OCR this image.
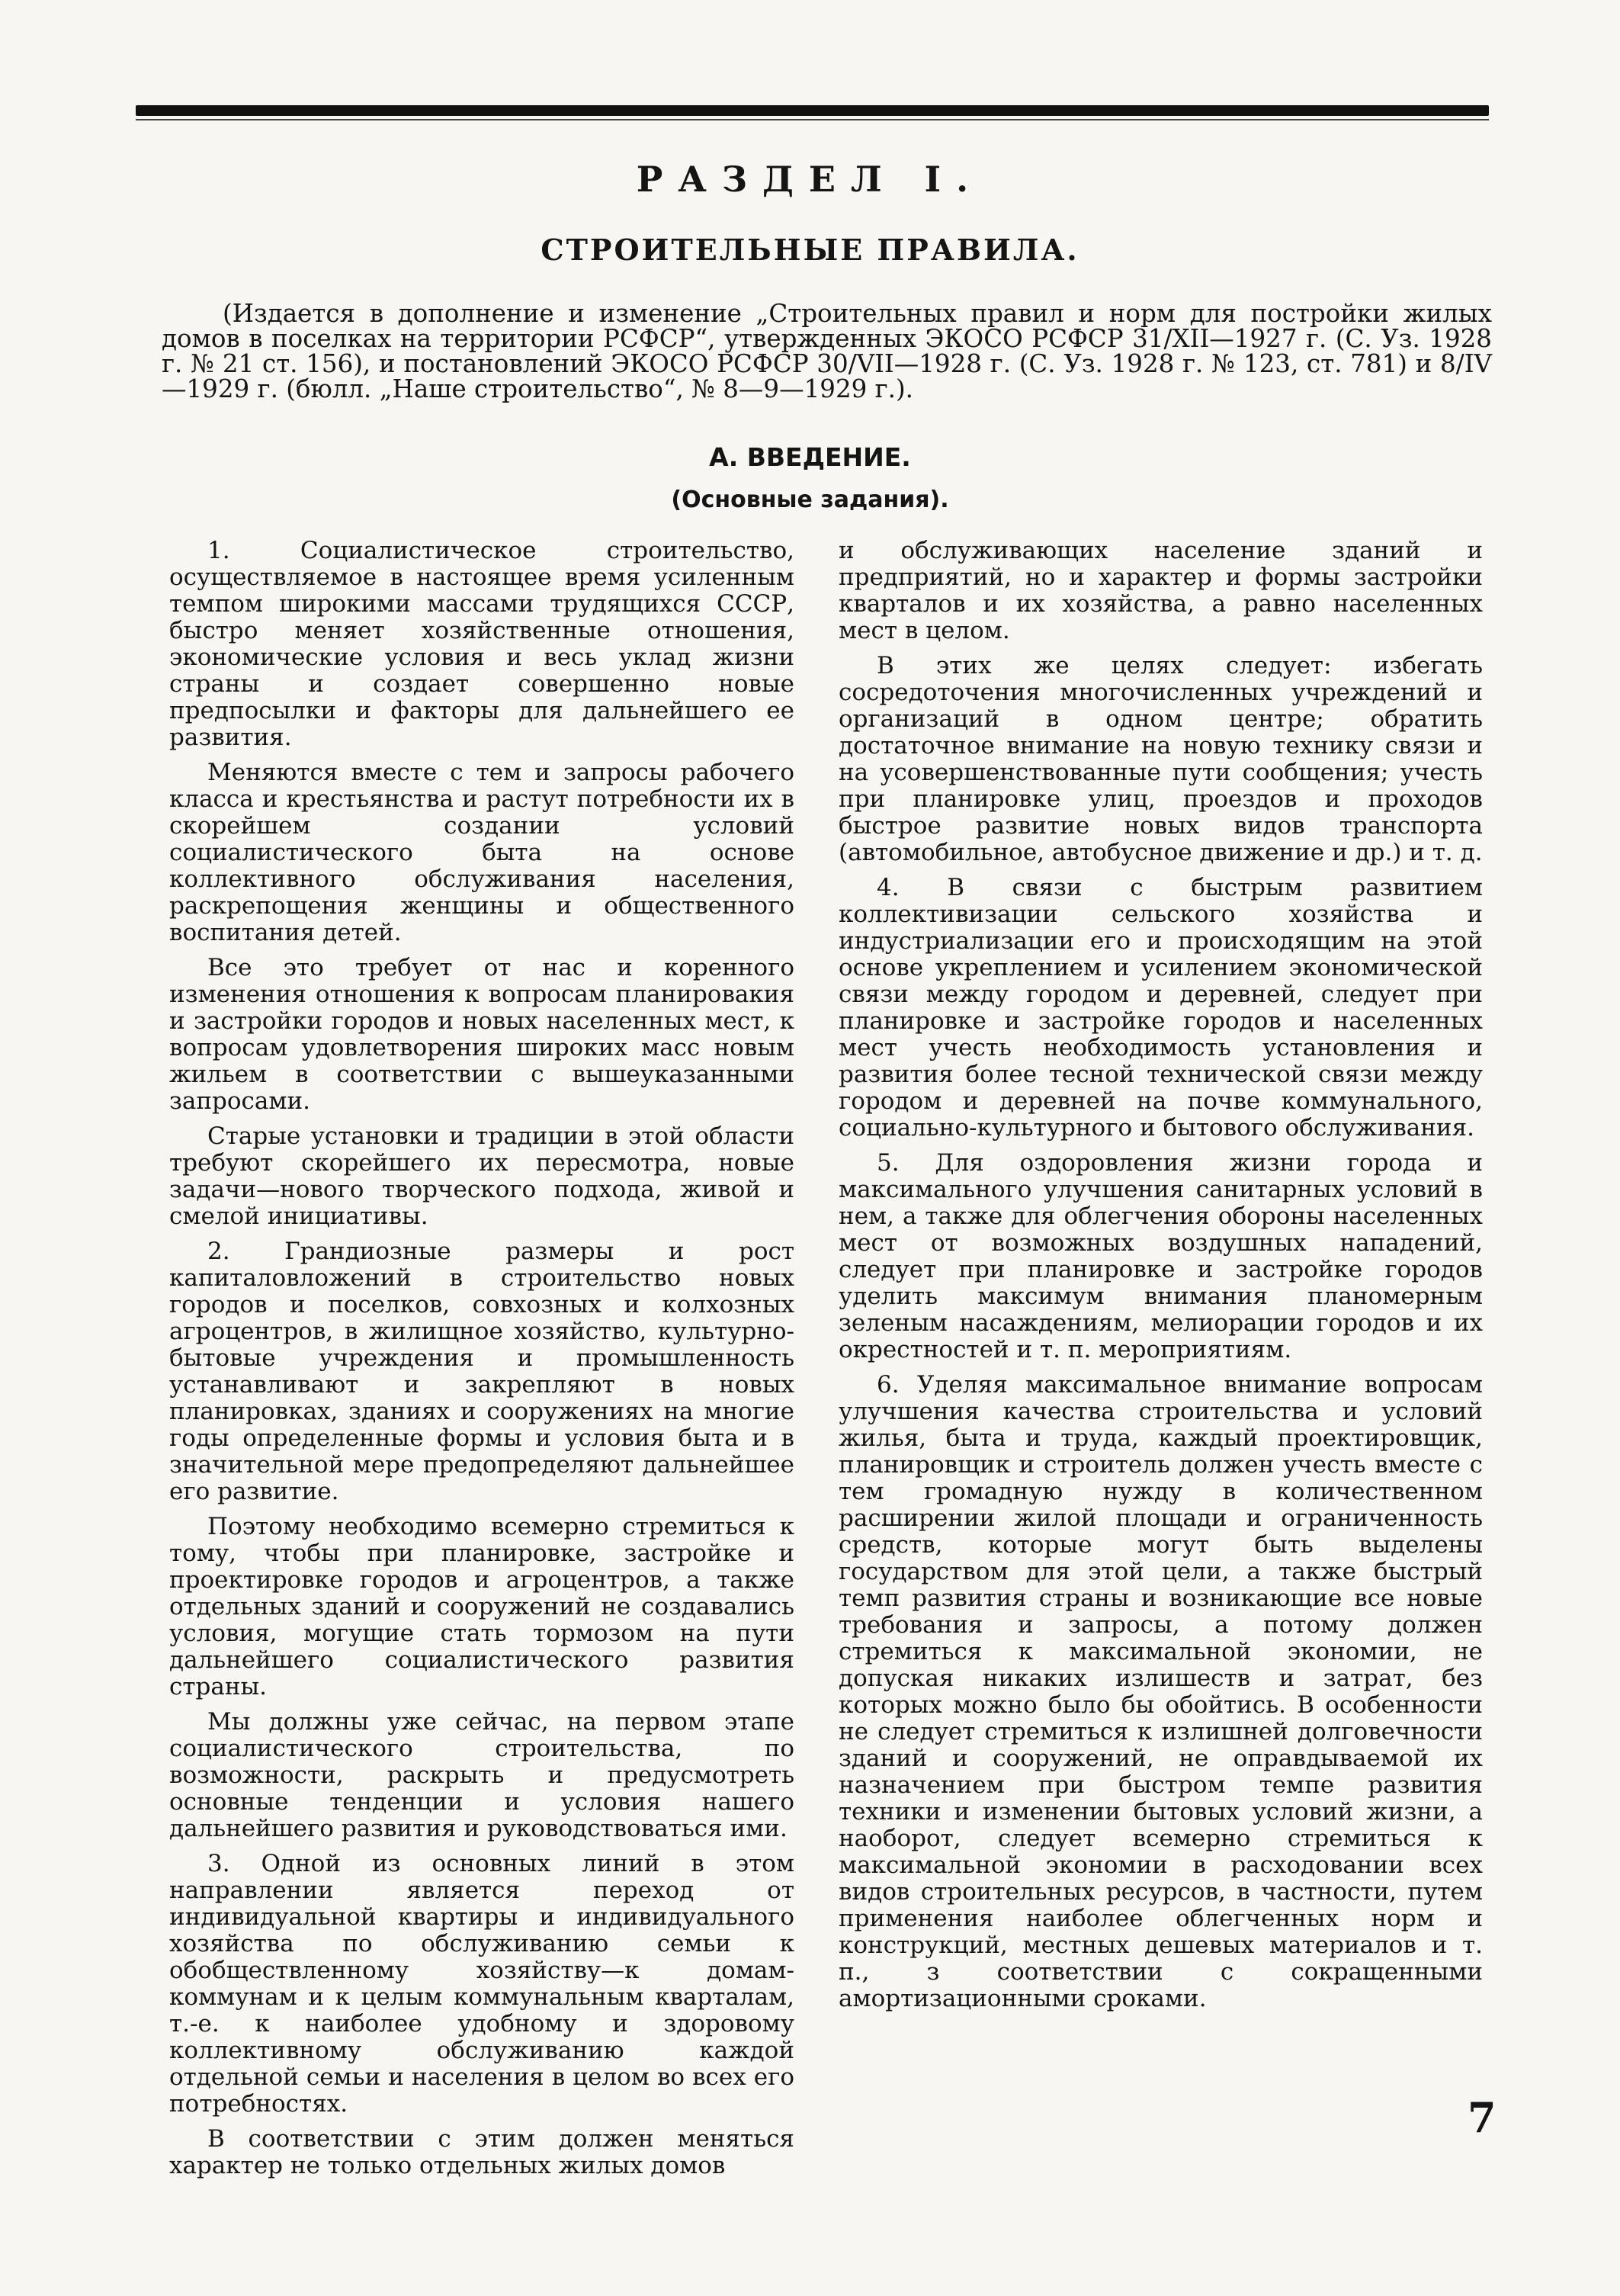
РАЗДЕЛ I.
СТРОИТЕЛЬНЫЕ ПРАВИЛА.
(Издается в дополнение и изменение „Строительных правил и норм для постройки жилых домов в поселках на территории РСФСР“, утвержденных ЭКОСО РСФСР 31/XII—1927 г. (С. Уз. 1928 г. № 21 ст. 156), и постановлений ЭКОСО РСФСР 30/VII—1928 г. (С. Уз. 1928 г. № 123, ст. 781) и 8/IV—1929 г. (бюлл. „Наше строительство“, № 8—9—1929 г.).
А. ВВЕДЕНИЕ.
(Основные задания).

1. Социалистическое строительство, осуществляемое в настоящее время усиленным темпом широкими массами трудящихся СССР, быстро меняет хозяйственные отношения, экономические условия и весь уклад жизни страны и создает совершенно новые предпосылки и факторы для дальнейшего ее развития.

Меняются вместе с тем и запросы рабочего класса и крестьянства и растут потребности их в скорейшем создании условий социалистического быта на основе коллективного обслуживания населения, раскрепощения женщины и общественного воспитания детей.

Все это требует от нас и коренного изменения отношения к вопросам планировакия и застройки городов и новых населенных мест, к вопросам удовлетворения широких масс новым жильем в соответствии с вышеуказанными запросами.

Старые установки и традиции в этой области требуют скорейшего их пересмотра, новые задачи—нового творческого подхода, живой и смелой инициативы.

2. Грандиозные размеры и рост капиталовложений в строительство новых городов и поселков, совхозных и колхозных агроцентров, в жилищное хозяйство, культурно-бытовые учреждения и промышленность устанавливают и закрепляют в новых планировках, зданиях и сооружениях на многие годы определенные формы и условия быта и в значительной мере предопределяют дальнейшее его развитие.

Поэтому необходимо всемерно стремиться к тому, чтобы при планировке, застройке и проектировке городов и агроцентров, а также отдельных зданий и сооружений не создавались условия, могущие стать тормозом на пути дальнейшего социалистического развития страны.

Мы должны уже сейчас, на первом этапе социалистического строительства, по возможности, раскрыть и предусмотреть основные тенденции и условия нашего дальнейшего развития и руководствоваться ими.

3. Одной из основных линий в этом направлении является переход от индивидуальной квартиры и индивидуального хозяйства по обслуживанию семьи к обобществленному хозяйству—к домам-коммунам и к целым коммунальным кварталам, т.-е. к наиболее удобному и здоровому коллективному обслуживанию каждой отдельной семьи и населения в целом во всех его потребностях.

В соответствии с этим должен меняться характер не только отдельных жилых домов

и обслуживающих население зданий и предприятий, но и характер и формы застройки кварталов и их хозяйства, а равно населенных мест в целом.

В этих же целях следует: избегать сосредоточения многочисленных учреждений и организаций в одном центре; обратить достаточное внимание на новую технику связи и на усовершенствованные пути сообщения; учесть при планировке улиц, проездов и проходов быстрое развитие новых видов транспорта (автомобильное, автобусное движение и др.) и т. д.

4. В связи с быстрым развитием коллективизации сельского хозяйства и индустриализации его и происходящим на этой основе укреплением и усилением экономической связи между городом и деревней, следует при планировке и застройке городов и населенных мест учесть необходимость установления и развития более тесной технической связи между городом и деревней на почве коммунального, социально-культурного и бытового обслуживания.

5. Для оздоровления жизни города и максимального улучшения санитарных условий в нем, а также для облегчения обороны населенных мест от возможных воздушных нападений, следует при планировке и застройке городов уделить максимум внимания планомерным зеленым насаждениям, мелиорации городов и их окрестностей и т. п. мероприятиям.

6. Уделяя максимальное внимание вопросам улучшения качества строительства и условий жилья, быта и труда, каждый проектировщик, планировщик и строитель должен учесть вместе с тем громадную нужду в количественном расширении жилой площади и ограниченность средств, которые могут быть выделены государством для этой цели, а также быстрый темп развития страны и возникающие все новые требования и запросы, а потому должен стремиться к максимальной экономии, не допуская никаких излишеств и затрат, без которых можно было бы обойтись. В особенности не следует стремиться к излишней долговечности зданий и сооружений, не оправдываемой их назначением при быстром темпе развития техники и изменении бытовых условий жизни, а наоборот, следует всемерно стремиться к максимальной экономии в расходовании всех видов строительных ресурсов, в частности, путем применения наиболее облегченных норм и конструкций, местных дешевых материалов и т. п., з соответствии с сокращенными амортизационными сроками.

7
